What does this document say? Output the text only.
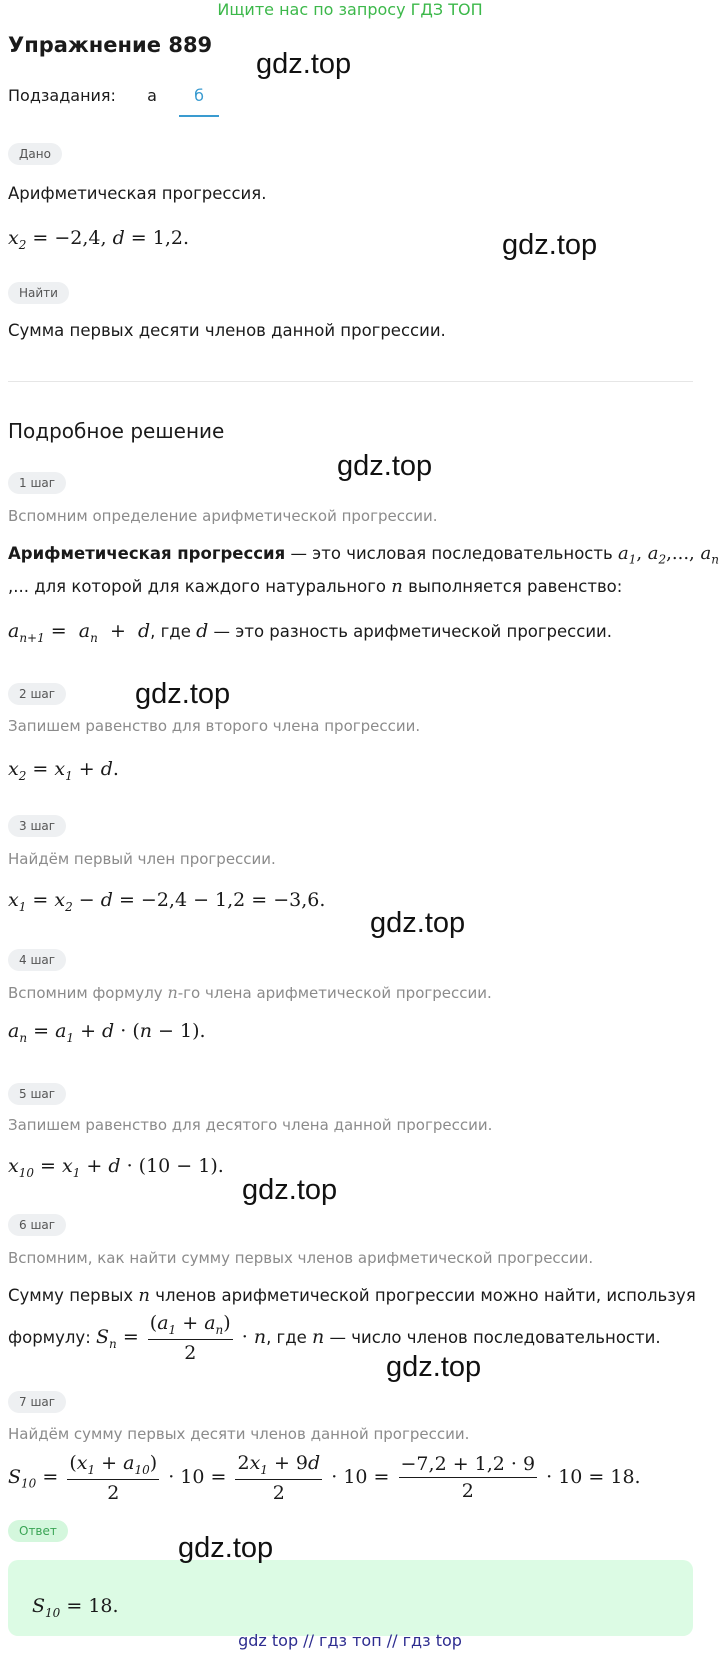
Ищите нас по запросу ГДЗ ТОП
Упражнение 889
Подзадания:	а	б
Дано
Арифметическая прогрессия.
$x_2 = -2,4$, d = 1,2.
Найти
Сумма первых десяти членов данной прогрессии.
Подробное решение
1 шаг
Вспомним определение арифметической прогрессии.
Арифметическая прогрессия — это числовая последовательность $a_1$, $a_2$,..., $a_n$
,... для которой для каждого натурального n выполняется равенство:
$a_{n+1} = a_n + d$, где d — это разность арифметической прогрессии.
2 шаг
Запишем равенство для второго члена прогрессии.
$x_2 = x_1 + d$.
3 шаг
Найдём первый член прогрессии.
$x_1 = x_2 - d = -2,4 - 1,2 = -3,6$.
4 шаг
Вспомним формулу n-го члена арифметической прогрессии.
$a_n = a_1 + d \cdot (n - 1)$.
5 шаг
Запишем равенство для десятого члена данной прогрессии.
$x_{10} = x_1 + d \cdot (10 - 1)$.
6 шаг
Вспомним, как найти сумму первых членов арифметической прогрессии.
Сумму первых n членов арифметической прогрессии можно найти, используя
формулу: $S_n = \frac{(a_1 + a_n)}{2} \cdot n$, где n — число членов последовательности.
7 шаг
Найдём сумму первых десяти членов данной прогрессии.
$S_{10} = \frac{(x_1 + a_{10})}{2} \cdot 10 = \frac{2x_1 + 9d}{2} \cdot 10 = \frac{-7,2 + 1,2 \cdot 9}{2} \cdot 10 = 18$.
Ответ
$S_{10} = 18$.
gdz.top
gdz.top
gdz.top
gdz.top
gdz.top
gdz.top
gdz.top
gdz.top
gdz top // гдз топ // гдз top
